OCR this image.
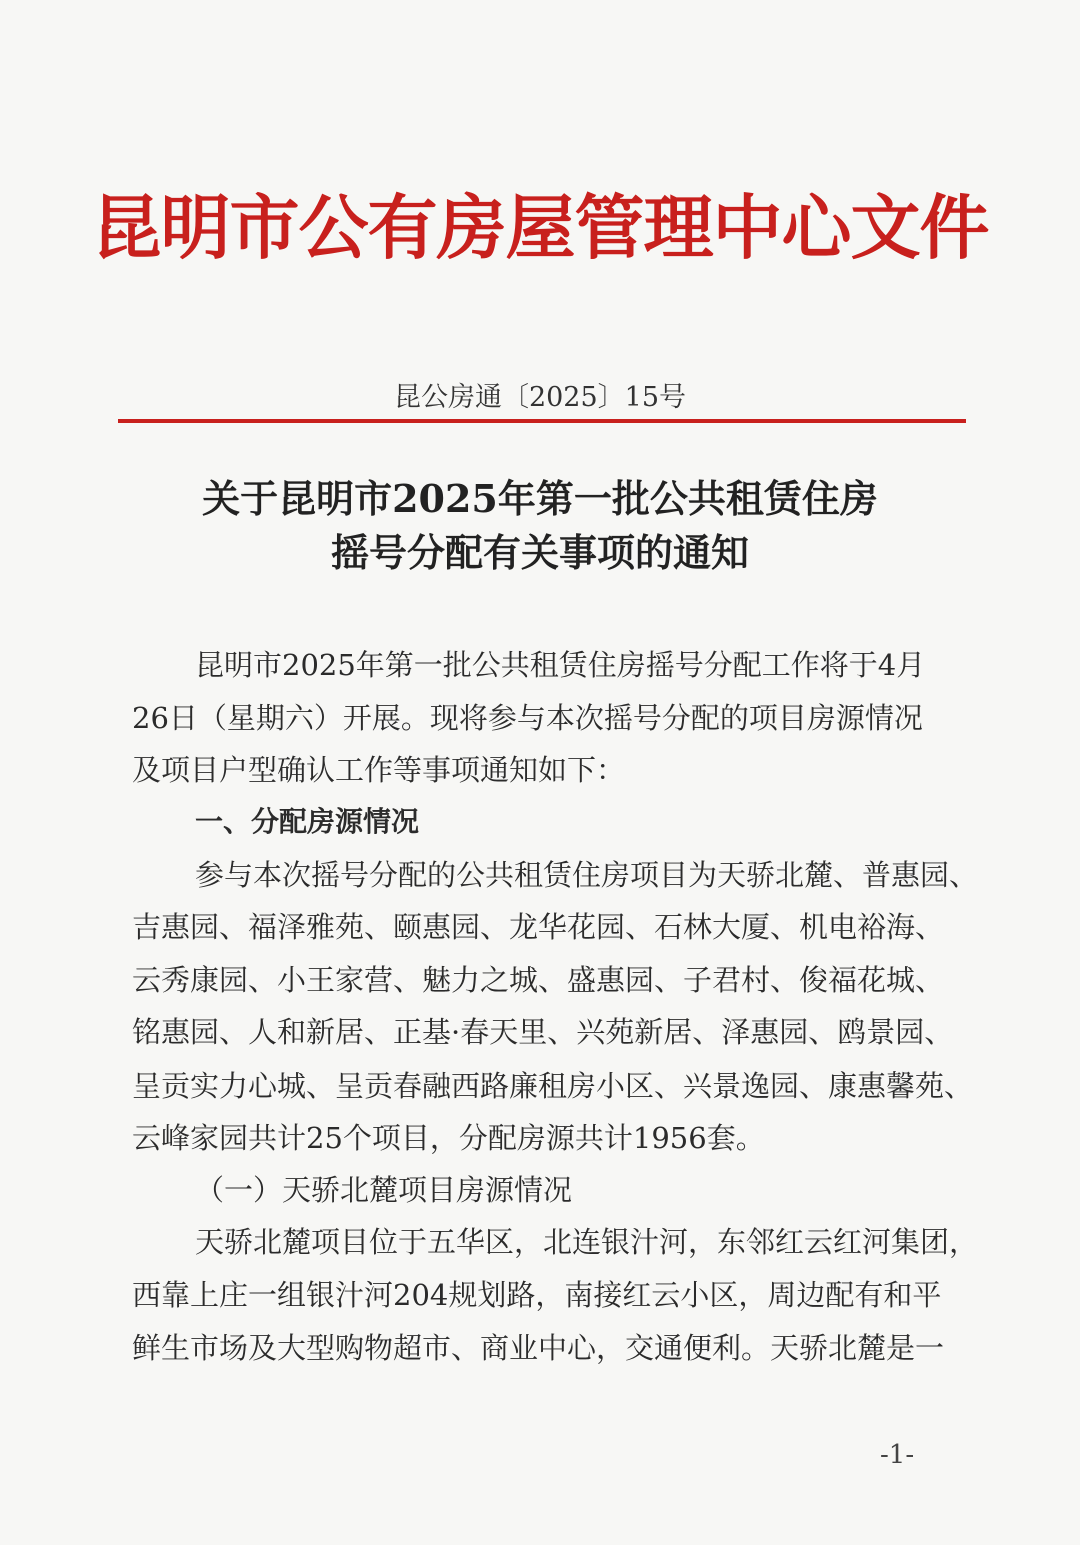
昆明市公有房屋管理中心文件
昆公房通〔2025〕15号
关于昆明市2025年第一批公共租赁住房
摇号分配有关事项的通知
昆明市2025年第一批公共租赁住房摇号分配工作将于4月
26日（星期六）开展。现将参与本次摇号分配的项目房源情况
及项目户型确认工作等事项通知如下：
一、分配房源情况
参与本次摇号分配的公共租赁住房项目为天骄北麓、普惠园、
吉惠园、福泽雅苑、颐惠园、龙华花园、石林大厦、机电裕海、
云秀康园、小王家营、魅力之城、盛惠园、子君村、俊福花城、
铭惠园、人和新居、正基·春天里、兴苑新居、泽惠园、鸥景园、
呈贡实力心城、呈贡春融西路廉租房小区、兴景逸园、康惠馨苑、
云峰家园共计25个项目，分配房源共计1956套。
（一）天骄北麓项目房源情况
天骄北麓项目位于五华区，北连银汁河，东邻红云红河集团，
西靠上庄一组银汁河204规划路，南接红云小区，周边配有和平
鲜生市场及大型购物超市、商业中心，交通便利。天骄北麓是一
-1-
